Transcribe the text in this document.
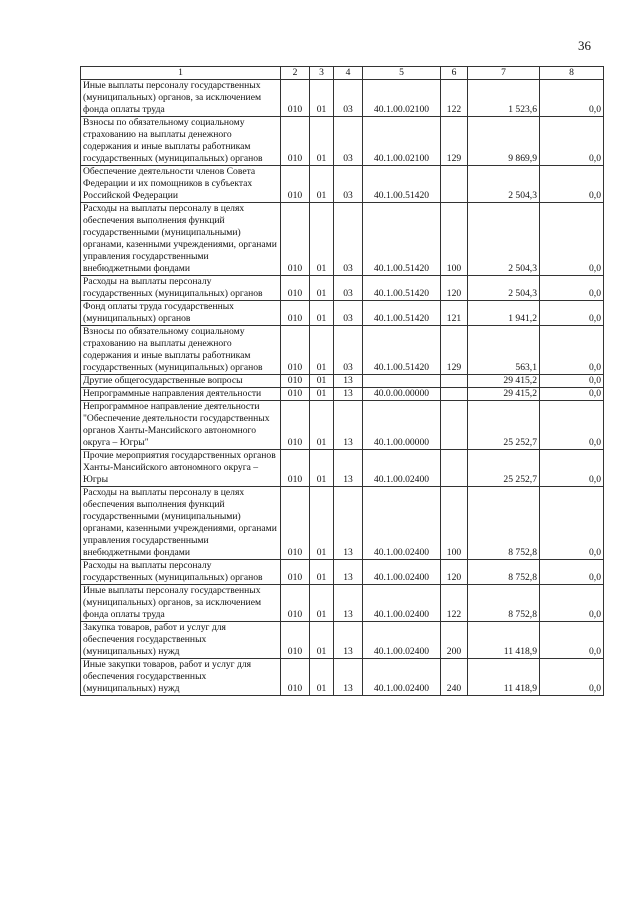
36
1	2	3	4	5	6	7	8
Иные выплаты персоналу государственных (муниципальных) органов, за исключением фонда оплаты труда	010	01	03	40.1.00.02100	122	1 523,6	0,0
Взносы по обязательному социальному страхованию на выплаты денежного содержания и иные выплаты работникам государственных (муниципальных) органов	010	01	03	40.1.00.02100	129	9 869,9	0,0
Обеспечение деятельности членов Совета Федерации и их помощников в субъектах Российской Федерации	010	01	03	40.1.00.51420		2 504,3	0,0
Расходы на выплаты персоналу в целях обеспечения выполнения функций государственными (муниципальными) органами, казенными учреждениями, органами управления государственными внебюджетными фондами	010	01	03	40.1.00.51420	100	2 504,3	0,0
Расходы на выплаты персоналу государственных (муниципальных) органов	010	01	03	40.1.00.51420	120	2 504,3	0,0
Фонд оплаты труда государственных (муниципальных) органов	010	01	03	40.1.00.51420	121	1 941,2	0,0
Взносы по обязательному социальному страхованию на выплаты денежного содержания и иные выплаты работникам государственных (муниципальных) органов	010	01	03	40.1.00.51420	129	563,1	0,0
Другие общегосударственные вопросы	010	01	13			29 415,2	0,0
Непрограммные направления деятельности	010	01	13	40.0.00.00000		29 415,2	0,0
Непрограммное направление деятельности "Обеспечение деятельности государственных органов Ханты-Мансийского автономного округа – Югры"	010	01	13	40.1.00.00000		25 252,7	0,0
Прочие мероприятия государственных органов Ханты-Мансийского автономного округа – Югры	010	01	13	40.1.00.02400		25 252,7	0,0
Расходы на выплаты персоналу в целях обеспечения выполнения функций государственными (муниципальными) органами, казенными учреждениями, органами управления государственными внебюджетными фондами	010	01	13	40.1.00.02400	100	8 752,8	0,0
Расходы на выплаты персоналу государственных (муниципальных) органов	010	01	13	40.1.00.02400	120	8 752,8	0,0
Иные выплаты персоналу государственных (муниципальных) органов, за исключением фонда оплаты труда	010	01	13	40.1.00.02400	122	8 752,8	0,0
Закупка товаров, работ и услуг для обеспечения государственных (муниципальных) нужд	010	01	13	40.1.00.02400	200	11 418,9	0,0
Иные закупки товаров, работ и услуг для обеспечения государственных (муниципальных) нужд	010	01	13	40.1.00.02400	240	11 418,9	0,0
